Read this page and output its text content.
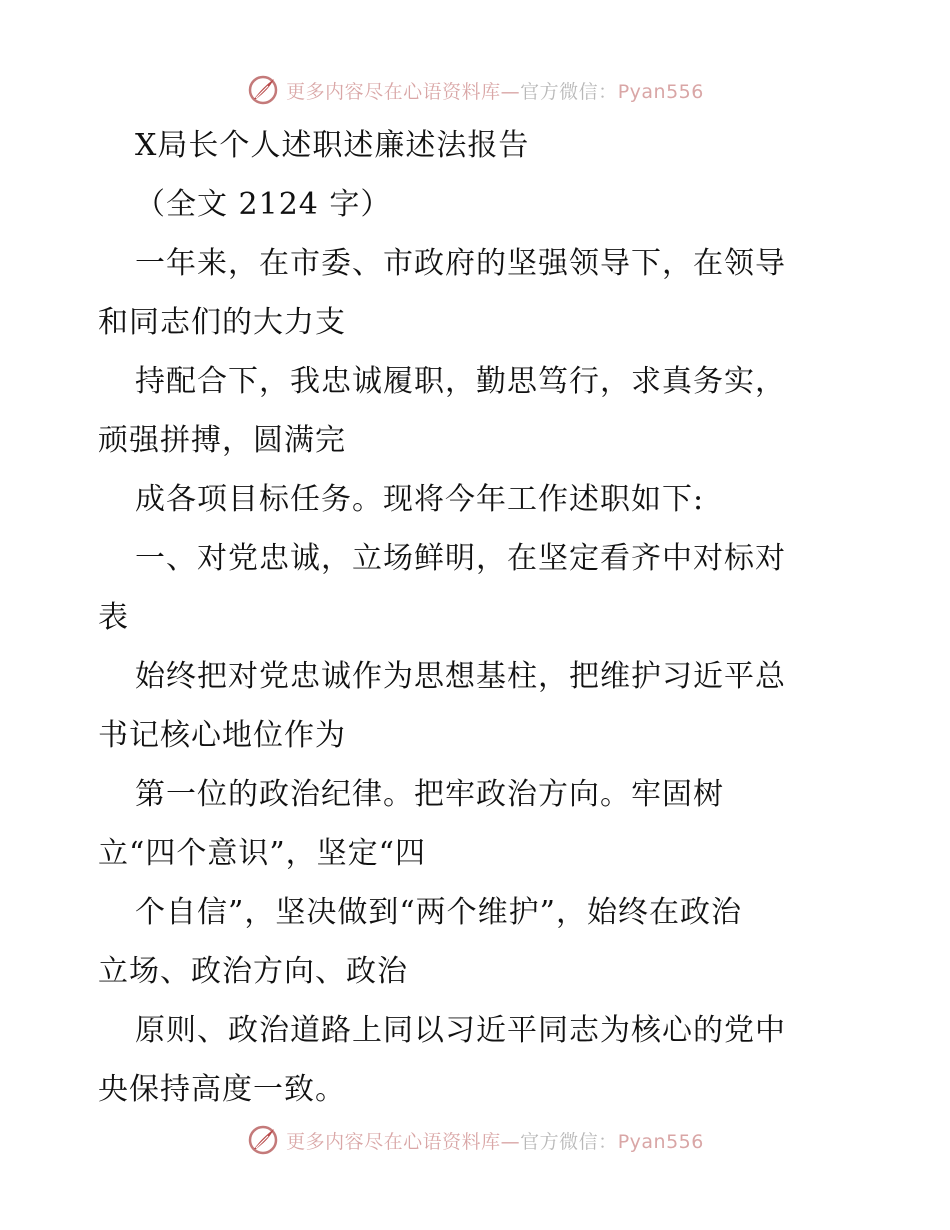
更多内容尽在心语资料库—官方微信：Pyan556
X局长个人述职述廉述法报告
（全文 2124 字）
一年来，在市委、市政府的坚强领导下，在领导
和同志们的大力支
持配合下，我忠诚履职，勤思笃行，求真务实，
顽强拼搏，圆满完
成各项目标任务。现将今年工作述职如下:
一、对党忠诚，立场鲜明，在坚定看齐中对标对
表
始终把对党忠诚作为思想基柱，把维护习近平总
书记核心地位作为
第一位的政治纪律。把牢政治方向。牢固树
立“四个意识”，坚定“四
个自信”，坚决做到“两个维护”，始终在政治
立场、政治方向、政治
原则、政治道路上同以习近平同志为核心的党中
央保持高度一致。
更多内容尽在心语资料库—官方微信：Pyan556
